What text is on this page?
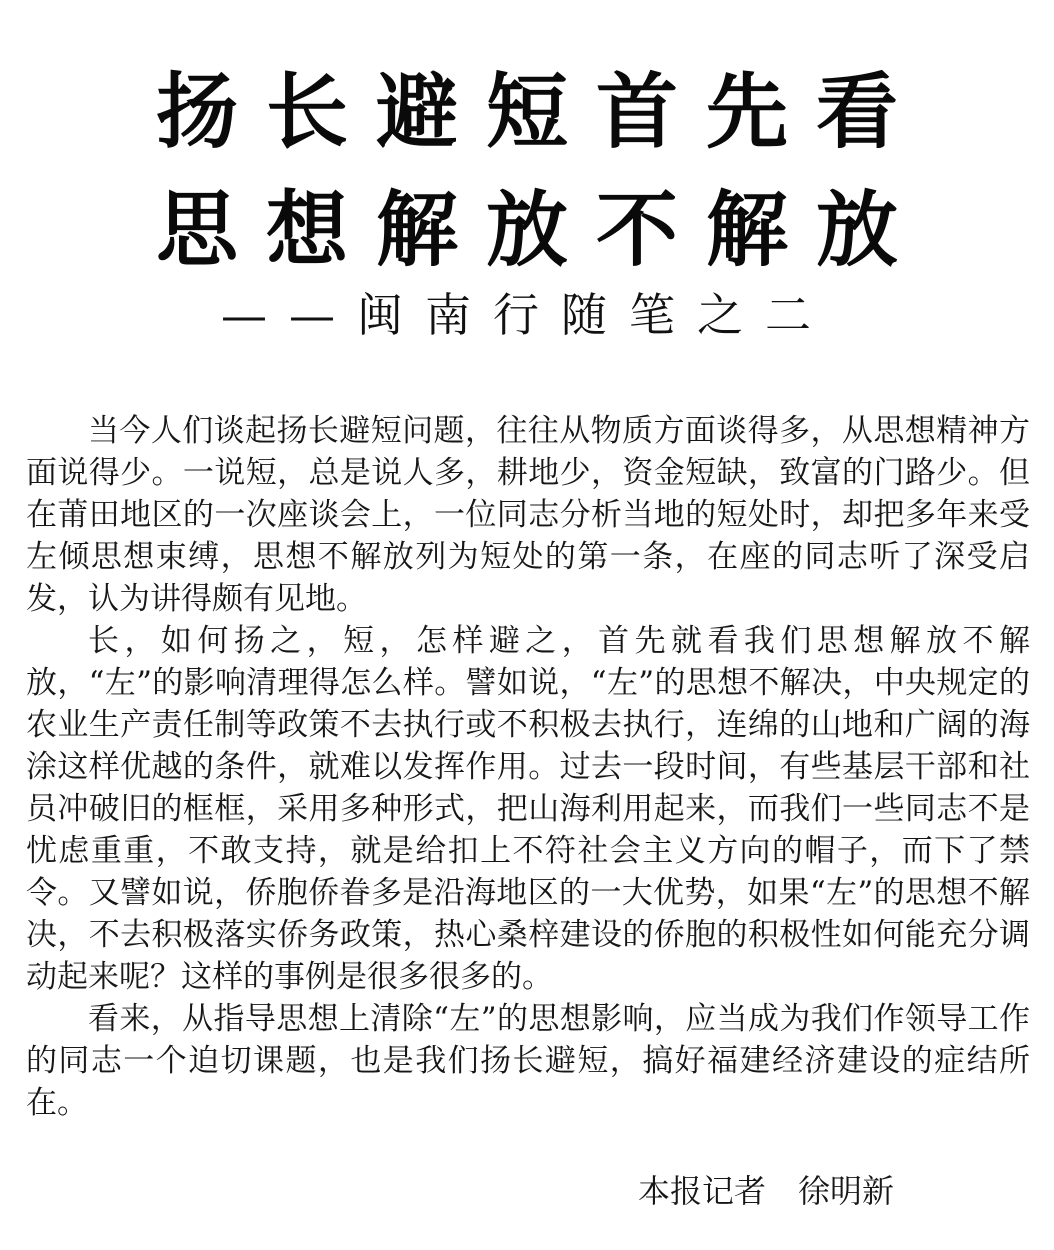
扬长避短首先看
思想解放不解放
——闽南行随笔之二

当今人们谈起扬长避短问题，往往从物质方面谈得多，从思想精神方面说得少。一说短，总是说人多，耕地少，资金短缺，致富的门路少。但在莆田地区的一次座谈会上，一位同志分析当地的短处时，却把多年来受左倾思想束缚，思想不解放列为短处的第一条，在座的同志听了深受启发，认为讲得颇有见地。

长，如何扬之，短，怎样避之，首先就看我们思想解放不解放，“左”的影响清理得怎么样。譬如说，“左”的思想不解决，中央规定的农业生产责任制等政策不去执行或不积极去执行，连绵的山地和广阔的海涂这样优越的条件，就难以发挥作用。过去一段时间，有些基层干部和社员冲破旧的框框，采用多种形式，把山海利用起来，而我们一些同志不是忧虑重重，不敢支持，就是给扣上不符社会主义方向的帽子，而下了禁令。又譬如说，侨胞侨眷多是沿海地区的一大优势，如果“左”的思想不解决，不去积极落实侨务政策，热心桑梓建设的侨胞的积极性如何能充分调动起来呢？这样的事例是很多很多的。

看来，从指导思想上清除“左”的思想影响，应当成为我们作领导工作的同志一个迫切课题，也是我们扬长避短，搞好福建经济建设的症结所在。

本报记者 徐明新
